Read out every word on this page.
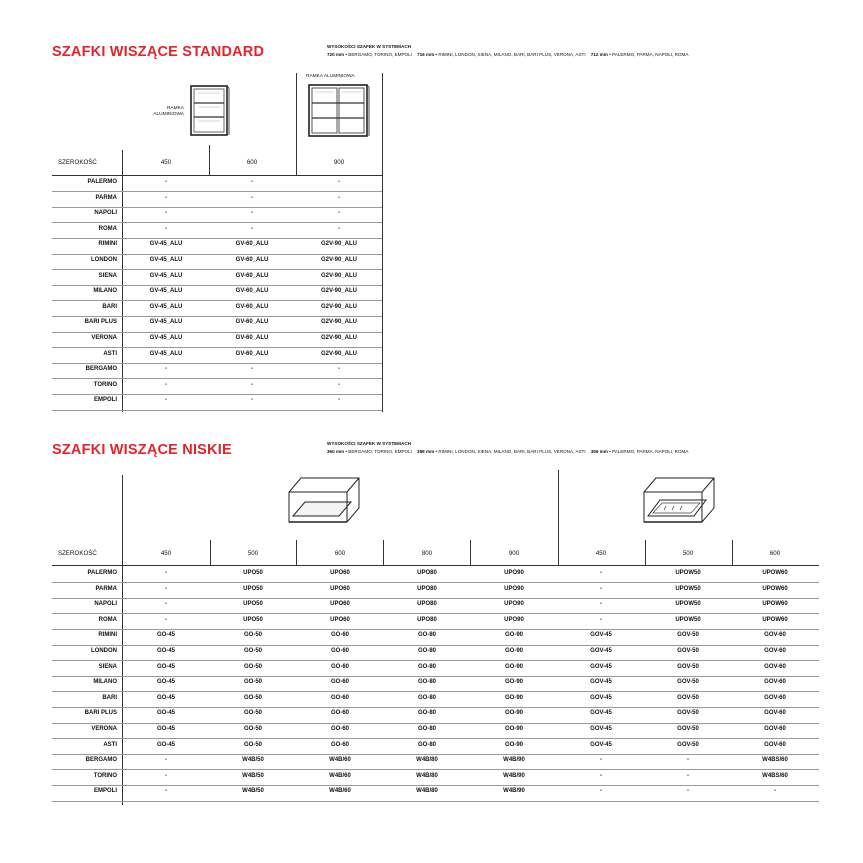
SZAFKI WISZĄCE STANDARD	WYSOKOŚCI SZAFEK W SYSTEMACH
720 mm • BERGAMO, TORINO, EMPOLI 716 mm • RIMINI, LONDON, SIENA, MILANO, BARI, BARI PLUS, VERONA, ASTI 712 mm • PALERMO, PARMA, NAPOLI, ROMA
RAMKA
ALUMINIOWA
RAMKA ALUMINIOWA
SZEROKOŚĆ	450	600	900
PALERMO	-	-	-
PARMA	-	-	-
NAPOLI	-	-	-
ROMA	-	-	-
RIMINI	GV-45_ALU	GV-60_ALU	G2V-90_ALU
LONDON	GV-45_ALU	GV-60_ALU	G2V-90_ALU
SIENA	GV-45_ALU	GV-60_ALU	G2V-90_ALU
MILANO	GV-45_ALU	GV-60_ALU	G2V-90_ALU
BARI	GV-45_ALU	GV-60_ALU	G2V-90_ALU
BARI PLUS	GV-45_ALU	GV-60_ALU	G2V-90_ALU
VERONA	GV-45_ALU	GV-60_ALU	G2V-90_ALU
ASTI	GV-45_ALU	GV-60_ALU	G2V-90_ALU
BERGAMO	-	-	-
TORINO	-	-	-
EMPOLI	-	-	-
SZAFKI WISZĄCE NISKIE	WYSOKOŚCI SZAFEK W SYSTEMACH
360 mm • BERGAMO, TORINO, EMPOLI 358 mm • RIMINI, LONDON, SIENA, MILANO, BARI, BARI PLUS, VERONA, ASTI 356 mm • PALERMO, PARMA, NAPOLI, ROMA
SZEROKOŚĆ	450	500	600	800	900	450	500	600
PALERMO	-	UPO50	UPO60	UPO80	UPO90	-	UPOW50	UPOW60
PARMA	-	UPO50	UPO60	UPO80	UPO90	-	UPOW50	UPOW60
NAPOLI	-	UPO50	UPO60	UPO80	UPO90	-	UPOW50	UPOW60
ROMA	-	UPO50	UPO60	UPO80	UPO90	-	UPOW50	UPOW60
RIMINI	GO-45	GO-50	GO-60	GO-80	GO-90	GOV-45	GOV-50	GOV-60
LONDON	GO-45	GO-50	GO-60	GO-80	GO-90	GOV-45	GOV-50	GOV-60
SIENA	GO-45	GO-50	GO-60	GO-80	GO-90	GOV-45	GOV-50	GOV-60
MILANO	GO-45	GO-50	GO-60	GO-80	GO-90	GOV-45	GOV-50	GOV-60
BARI	GO-45	GO-50	GO-60	GO-80	GO-90	GOV-45	GOV-50	GOV-60
BARI PLUS	GO-45	GO-50	GO-60	GO-80	GO-90	GOV-45	GOV-50	GOV-60
VERONA	GO-45	GO-50	GO-60	GO-80	GO-90	GOV-45	GOV-50	GOV-60
ASTI	GO-45	GO-50	GO-60	GO-80	GO-90	GOV-45	GOV-50	GOV-60
BERGAMO	-	W4B/50	W4B/60	W4B/80	W4B/90	-	-	W4BS/60
TORINO	-	W4B/50	W4B/60	W4B/80	W4B/90	-	-	W4BS/60
EMPOLI	-	W4B/50	W4B/60	W4B/80	W4B/90	-	-	-
